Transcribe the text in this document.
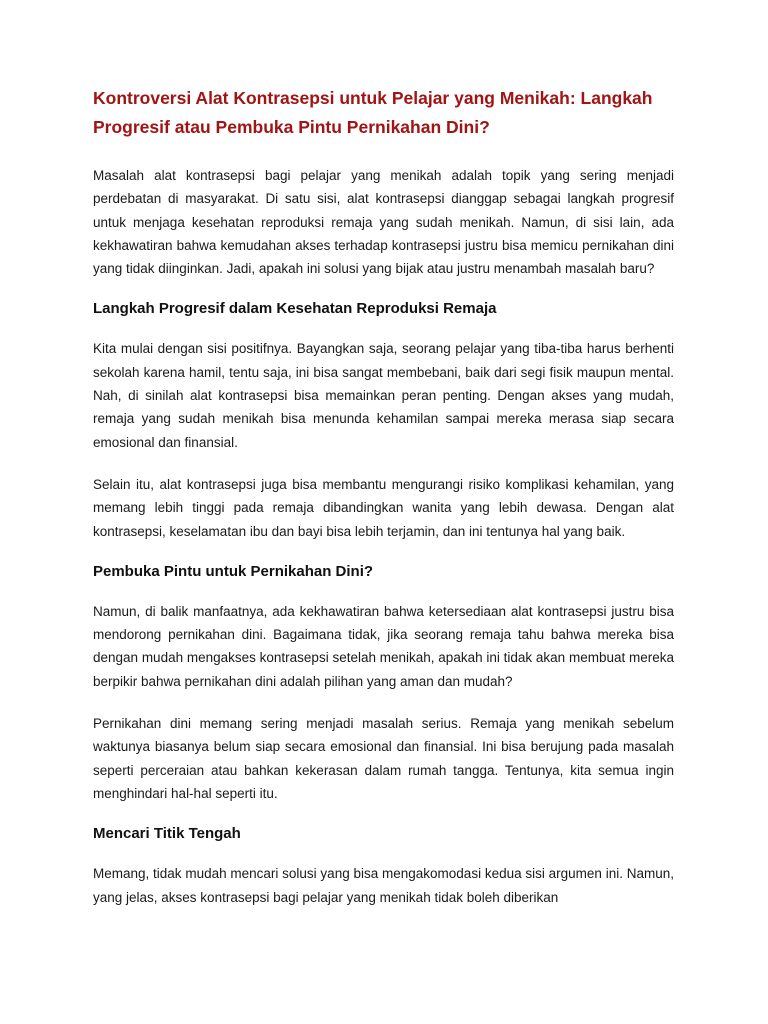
Kontroversi Alat Kontrasepsi untuk Pelajar yang Menikah: Langkah Progresif atau Pembuka Pintu Pernikahan Dini?

Masalah alat kontrasepsi bagi pelajar yang menikah adalah topik yang sering menjadi perdebatan di masyarakat. Di satu sisi, alat kontrasepsi dianggap sebagai langkah progresif untuk menjaga kesehatan reproduksi remaja yang sudah menikah. Namun, di sisi lain, ada kekhawatiran bahwa kemudahan akses terhadap kontrasepsi justru bisa memicu pernikahan dini yang tidak diinginkan. Jadi, apakah ini solusi yang bijak atau justru menambah masalah baru?

Langkah Progresif dalam Kesehatan Reproduksi Remaja

Kita mulai dengan sisi positifnya. Bayangkan saja, seorang pelajar yang tiba-tiba harus berhenti sekolah karena hamil, tentu saja, ini bisa sangat membebani, baik dari segi fisik maupun mental. Nah, di sinilah alat kontrasepsi bisa memainkan peran penting. Dengan akses yang mudah, remaja yang sudah menikah bisa menunda kehamilan sampai mereka merasa siap secara emosional dan finansial.

Selain itu, alat kontrasepsi juga bisa membantu mengurangi risiko komplikasi kehamilan, yang memang lebih tinggi pada remaja dibandingkan wanita yang lebih dewasa. Dengan alat kontrasepsi, keselamatan ibu dan bayi bisa lebih terjamin, dan ini tentunya hal yang baik.

Pembuka Pintu untuk Pernikahan Dini?

Namun, di balik manfaatnya, ada kekhawatiran bahwa ketersediaan alat kontrasepsi justru bisa mendorong pernikahan dini. Bagaimana tidak, jika seorang remaja tahu bahwa mereka bisa dengan mudah mengakses kontrasepsi setelah menikah, apakah ini tidak akan membuat mereka berpikir bahwa pernikahan dini adalah pilihan yang aman dan mudah?

Pernikahan dini memang sering menjadi masalah serius. Remaja yang menikah sebelum waktunya biasanya belum siap secara emosional dan finansial. Ini bisa berujung pada masalah seperti perceraian atau bahkan kekerasan dalam rumah tangga. Tentunya, kita semua ingin menghindari hal-hal seperti itu.

Mencari Titik Tengah

Memang, tidak mudah mencari solusi yang bisa mengakomodasi kedua sisi argumen ini. Namun, yang jelas, akses kontrasepsi bagi pelajar yang menikah tidak boleh diberikan
